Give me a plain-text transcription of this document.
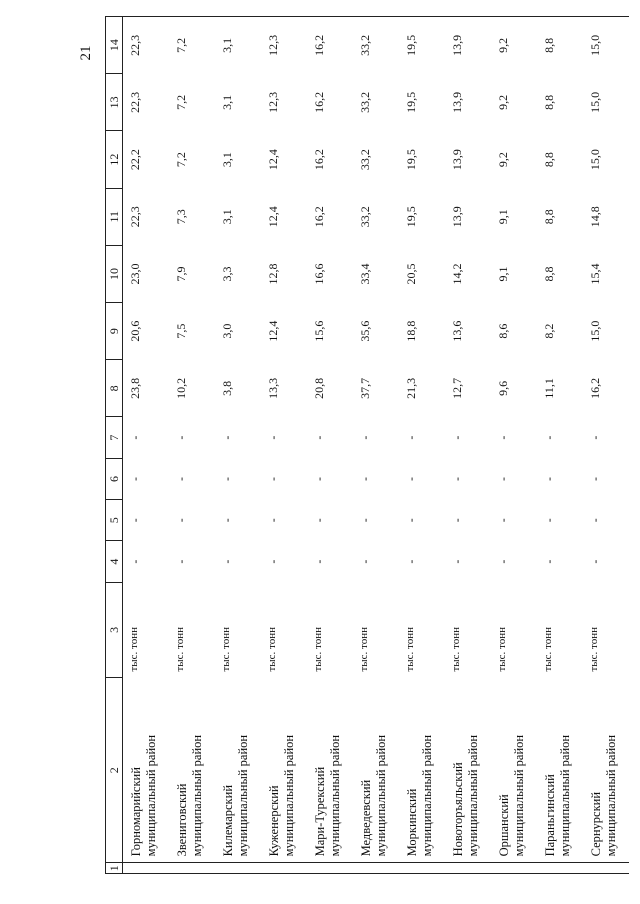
21
1	2	3	4	5	6	7	8	9	10	11	12	13	14

	Горномарийский муниципальный район	тыс. тонн	-	-	-	-	23,8	20,6	23,0	22,3	22,2	22,3	22,3

	Звениговский муниципальный район	тыс. тонн	-	-	-	-	10,2	7,5	7,9	7,3	7,2	7,2	7,2

	Килемарский муниципальный район	тыс. тонн	-	-	-	-	3,8	3,0	3,3	3,1	3,1	3,1	3,1

	Куженерский муниципальный район	тыс. тонн	-	-	-	-	13,3	12,4	12,8	12,4	12,4	12,3	12,3

	Мари-Турекский муниципальный район	тыс. тонн	-	-	-	-	20,8	15,6	16,6	16,2	16,2	16,2	16,2

	Медведевский муниципальный район	тыс. тонн	-	-	-	-	37,7	35,6	33,4	33,2	33,2	33,2	33,2

	Моркинский муниципальный район	тыс. тонн	-	-	-	-	21,3	18,8	20,5	19,5	19,5	19,5	19,5

	Новоторъяльский муниципальный район	тыс. тонн	-	-	-	-	12,7	13,6	14,2	13,9	13,9	13,9	13,9

	Оршанский муниципальный район	тыс. тонн	-	-	-	-	9,6	8,6	9,1	9,1	9,2	9,2	9,2

	Параньгинский муниципальный район	тыс. тонн	-	-	-	-	11,1	8,2	8,8	8,8	8,8	8,8	8,8

	Сернурский муниципальный район	тыс. тонн	-	-	-	-	16,2	15,0	15,4	14,8	15,0	15,0	15,0
